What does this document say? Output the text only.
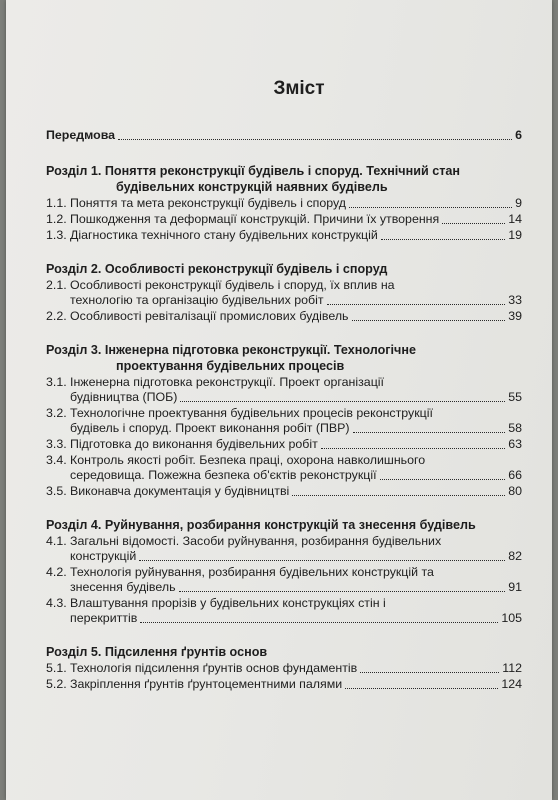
Зміст
Передмова	6
Розділ 1. Поняття реконструкції будівель і споруд. Технічний стан
будівельних конструкцій наявних будівель
1.1. Поняття та мета реконструкції будівель і споруд	9
1.2. Пошкодження та деформації конструкцій. Причини їх утворення	14
1.3. Діагностика технічного стану будівельних конструкцій	19
Розділ 2. Особливості реконструкції будівель і споруд
2.1. Особливості реконструкції будівель і споруд, їх вплив на
технологію та організацію будівельних робіт	33
2.2. Особливості ревіталізації промислових будівель	39
Розділ 3. Інженерна підготовка реконструкції. Технологічне
проектування будівельних процесів
3.1. Інженерна підготовка реконструкції. Проект організації
будівництва (ПОБ)	55
3.2. Технологічне проектування будівельних процесів реконструкції
будівель і споруд. Проект виконання робіт (ПВР)	58
3.3. Підготовка до виконання будівельних робіт	63
3.4. Контроль якості робіт. Безпека праці, охорона навколишнього
середовища. Пожежна безпека об'єктів реконструкції	66
3.5. Виконавча документація у будівництві	80
Розділ 4. Руйнування, розбирання конструкцій та знесення будівель
4.1. Загальні відомості. Засоби руйнування, розбирання будівельних
конструкцій	82
4.2. Технологія руйнування, розбирання будівельних конструкцій та
знесення будівель	91
4.3. Влаштування прорізів у будівельних конструкціях стін і
перекриттів	105
Розділ 5. Підсилення ґрунтів основ
5.1. Технологія підсилення ґрунтів основ фундаментів	112
5.2. Закріплення ґрунтів ґрунтоцементними палями	124
